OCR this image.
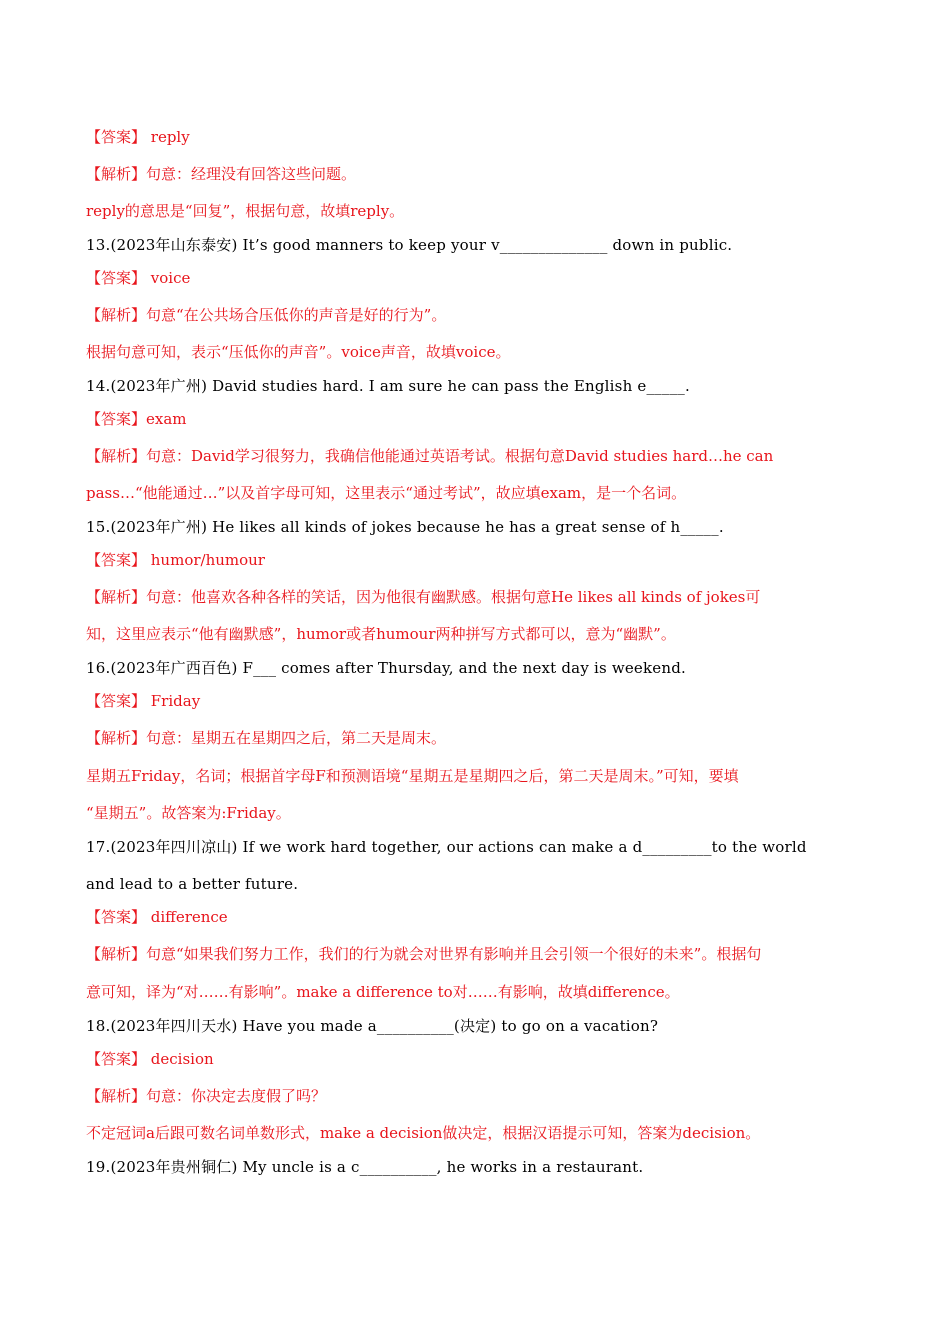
【答案】 reply
【解析】句意：经理没有回答这些问题。
reply的意思是“回复”，根据句意，故填reply。
13.(2023年山东泰安) It’s good manners to keep your v______________ down in public.
【答案】 voice
【解析】句意“在公共场合压低你的声音是好的行为”。
根据句意可知，表示“压低你的声音”。voice声音，故填voice。
14.(2023年广州) David studies hard. I am sure he can pass the English e_____.
【答案】exam
【解析】句意：David学习很努力，我确信他能通过英语考试。根据句意David studies hard…he can
pass…“他能通过…”以及首字母可知，这里表示“通过考试”，故应填exam，是一个名词。
15.(2023年广州) He likes all kinds of jokes because he has a great sense of h_____.
【答案】 humor/humour
【解析】句意：他喜欢各种各样的笑话，因为他很有幽默感。根据句意He likes all kinds of jokes可
知，这里应表示“他有幽默感”，humor或者humour两种拼写方式都可以，意为“幽默”。
16.(2023年广西百色) F___ comes after Thursday, and the next day is weekend.
【答案】 Friday
【解析】句意：星期五在星期四之后，第二天是周末。
星期五Friday，名词；根据首字母F和预测语境“星期五是星期四之后，第二天是周末。”可知，要填
“星期五”。故答案为:Friday。
17.(2023年四川凉山) If we work hard together, our actions can make a d_________to the world
and lead to a better future.
【答案】 difference
【解析】句意“如果我们努力工作，我们的行为就会对世界有影响并且会引领一个很好的未来”。根据句
意可知，译为“对……有影响”。make a difference to对……有影响，故填difference。
18.(2023年四川天水) Have you made a__________(决定) to go on a vacation?
【答案】 decision
【解析】句意：你决定去度假了吗？
不定冠词a后跟可数名词单数形式，make a decision做决定，根据汉语提示可知，答案为decision。
19.(2023年贵州铜仁) My uncle is a c__________, he works in a restaurant.
